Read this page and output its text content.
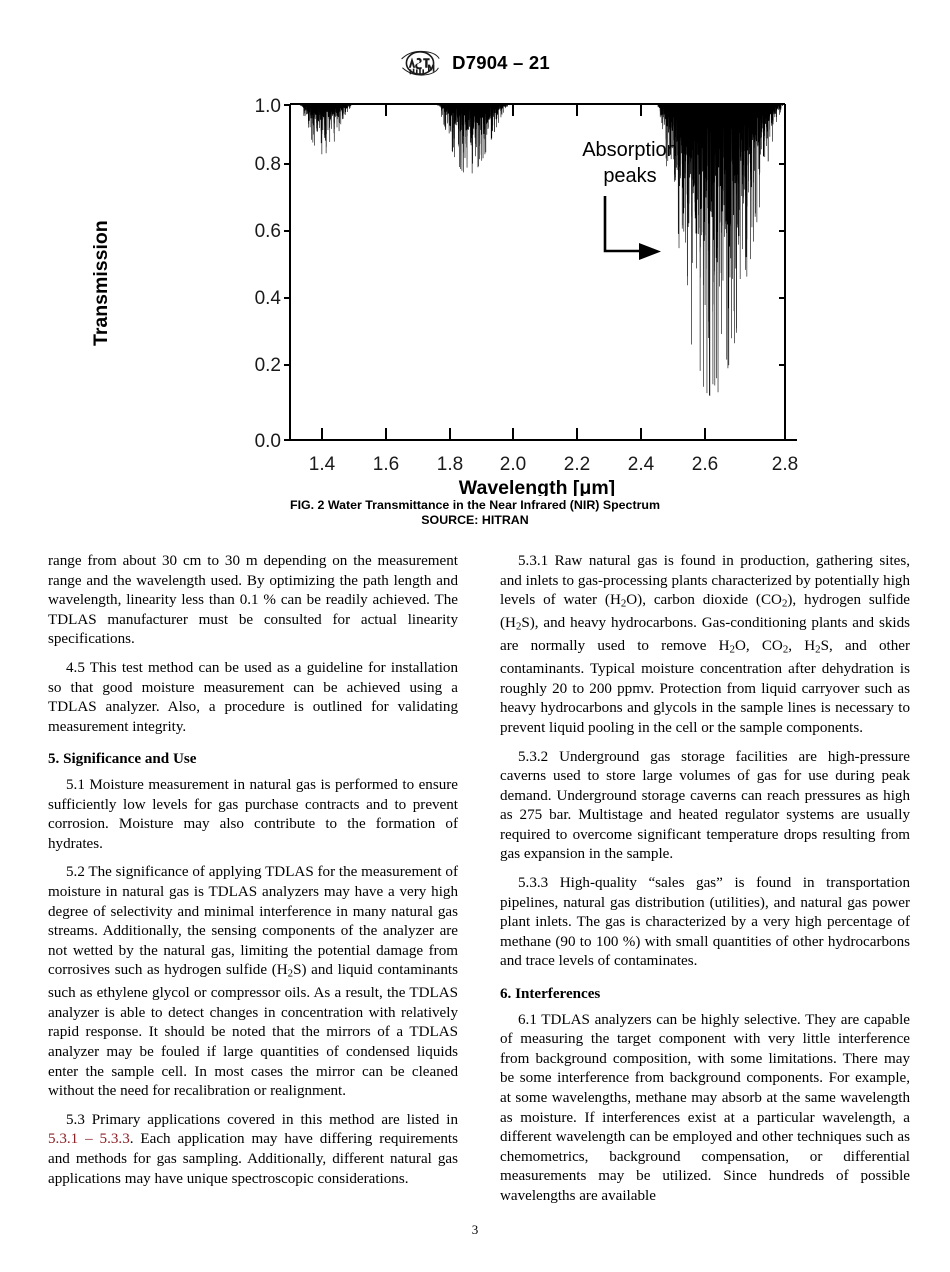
D7904 – 21
Transmission
1.0
0.8
0.6
0.4
0.2
0.0
1.4 1.6 1.8 2.0 2.2 2.4 2.6	2.8
Wavelength [μm]
Absorption
peaks
FIG. 2 Water Transmittance in the Near Infrared (NIR) Spectrum
SOURCE: HITRAN

range from about 30 cm to 30 m depending on the measurement range and the wavelength used. By optimizing the path length and wavelength, linearity less than 0.1 % can be readily achieved. The TDLAS manufacturer must be consulted for actual linearity specifications.

4.5 This test method can be used as a guideline for installation so that good moisture measurement can be achieved using a TDLAS analyzer. Also, a procedure is outlined for validating measurement integrity.

5. Significance and Use

5.1 Moisture measurement in natural gas is performed to ensure sufficiently low levels for gas purchase contracts and to prevent corrosion. Moisture may also contribute to the formation of hydrates.

5.2 The significance of applying TDLAS for the measurement of moisture in natural gas is TDLAS analyzers may have a very high degree of selectivity and minimal interference in many natural gas streams. Additionally, the sensing components of the analyzer are not wetted by the natural gas, limiting the potential damage from corrosives such as hydrogen sulfide $(H_2S)$ and liquid contaminants such as ethylene glycol or compressor oils. As a result, the TDLAS analyzer is able to detect changes in concentration with relatively rapid response. It should be noted that the mirrors of a TDLAS analyzer may be fouled if large quantities of condensed liquids enter the sample cell. In most cases the mirror can be cleaned without the need for recalibration or realignment.

5.3 Primary applications covered in this method are listed in 5.3.1 – 5.3.3. Each application may have differing requirements and methods for gas sampling. Additionally, different natural gas applications may have unique spectroscopic considerations.

5.3.1 Raw natural gas is found in production, gathering sites, and inlets to gas-processing plants characterized by potentially high levels of water $(H_2O)$, carbon dioxide $(CO_2)$, hydrogen sulfide $(H_2S)$, and heavy hydrocarbons. Gas-conditioning plants and skids are normally used to remove $H_2O$, $CO_2$, $H_2S$, and other contaminants. Typical moisture concentration after dehydration is roughly 20 to 200 ppmv. Protection from liquid carryover such as heavy hydrocarbons and glycols in the sample lines is necessary to prevent liquid pooling in the cell or the sample components.

5.3.2 Underground gas storage facilities are high-pressure caverns used to store large volumes of gas for use during peak demand. Underground storage caverns can reach pressures as high as 275 bar. Multistage and heated regulator systems are usually required to overcome significant temperature drops resulting from gas expansion in the sample.

5.3.3 High-quality “sales gas” is found in transportation pipelines, natural gas distribution (utilities), and natural gas power plant inlets. The gas is characterized by a very high percentage of methane (90 to 100 %) with small quantities of other hydrocarbons and trace levels of contaminates.

6. Interferences

6.1 TDLAS analyzers can be highly selective. They are capable of measuring the target component with very little interference from background composition, with some limitations. There may be some interference from background components. For example, at some wavelengths, methane may absorb at the same wavelength as moisture. If interferences exist at a particular wavelength, a different wavelength can be employed and other techniques such as chemometrics, background compensation, or differential measurements may be utilized. Since hundreds of possible wavelengths are available

3
